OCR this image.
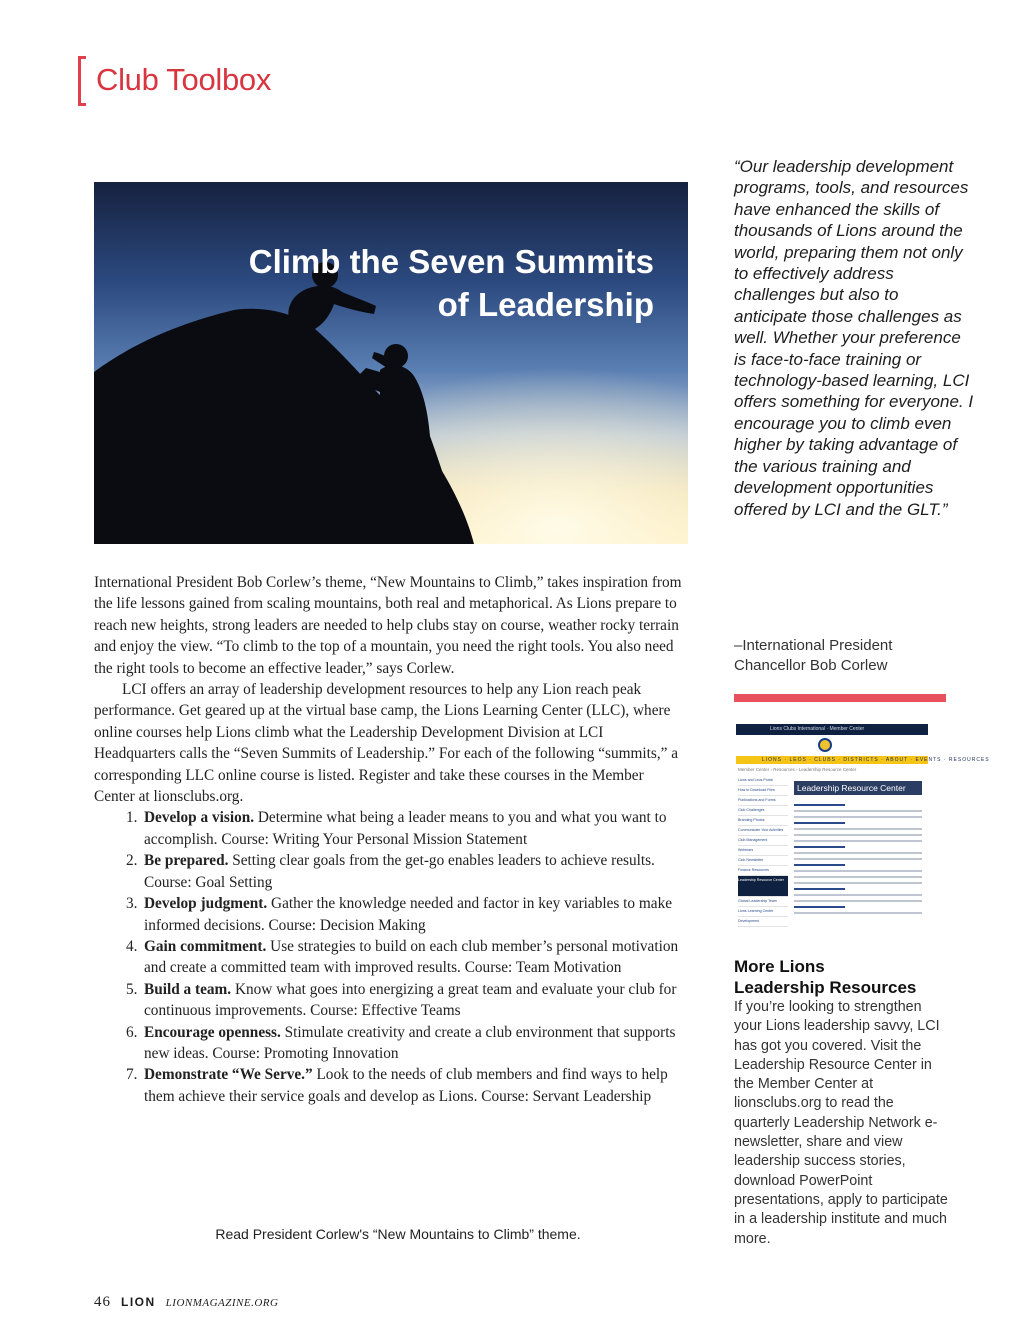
Club Toolbox
Climb the Seven Summits
of Leadership

International President Bob Corlew’s theme, “New Mountains to Climb,” takes inspiration from the life lessons gained from scaling mountains, both real and metaphorical. As Lions prepare to reach new heights, strong leaders are needed to help clubs stay on course, weather rocky terrain and enjoy the view. “To climb to the top of a mountain, you need the right tools. You also need the right tools to become an effective leader,” says Corlew.

LCI offers an array of leadership development resources to help any Lion reach peak performance. Get geared up at the virtual base camp, the Lions Learning Center (LLC), where online courses help Lions climb what the Leadership Development Division at LCI Headquarters calls the “Seven Summits of Leadership.” For each of the following “summits,” a corresponding LLC online course is listed. Register and take these courses in the Member Center at lionsclubs.org.

1. Develop a vision. Determine what being a leader means to you and what you want to accomplish. Course: Writing Your Personal Mission Statement
2. Be prepared. Setting clear goals from the get-go enables leaders to achieve results. Course: Goal Setting
3. Develop judgment. Gather the knowledge needed and factor in key variables to make informed decisions. Course: Decision Making
4. Gain commitment. Use strategies to build on each club member’s personal motivation and create a committed team with improved results. Course: Team Motivation
5. Build a team. Know what goes into energizing a great team and evaluate your club for continuous improvements. Course: Effective Teams
6. Encourage openness. Stimulate creativity and create a club environment that supports new ideas. Course: Promoting Innovation
7. Demonstrate “We Serve.” Look to the needs of club members and find ways to help them achieve their service goals and develop as Lions. Course: Servant Leadership
Read President Corlew's “New Mountains to Climb” theme.
46 LION LIONMAGAZINE.ORG
“Our leadership development programs, tools, and resources have enhanced the skills of thousands of Lions around the world, preparing them not only to effectively address challenges but also to anticipate those challenges as well. Whether your preference is face-to-face training or technology-based learning, LCI offers something for everyone. I encourage you to climb even higher by taking advantage of the various training and development opportunities offered by LCI and the GLT.”
–International President
Chancellor Bob Corlew
Lions Clubs International · Member Center
LIONS · LEOS · CLUBS · DISTRICTS · ABOUT · EVENTS · RESOURCES
Member Center › Resources › Leadership Resource Center
Lions and Leos Portal
How to Download Files
Publications and Forms
Club Challenges
Branding Photos
Communicate Your Activities
Club Management
Webinars
Club Newsletter
Finance Resources
Leadership Resource Center
Global Leadership Team
Lions Learning Center
Development
Leadership Resource Center
More Lions
Leadership Resources
If you’re looking to strengthen your Lions leadership savvy, LCI has got you covered. Visit the Leadership Resource Center in the Member Center at lionsclubs.org to read the quarterly Leadership Network e-newsletter, share and view leadership success stories, download PowerPoint presentations, apply to participate in a leadership institute and much more.
